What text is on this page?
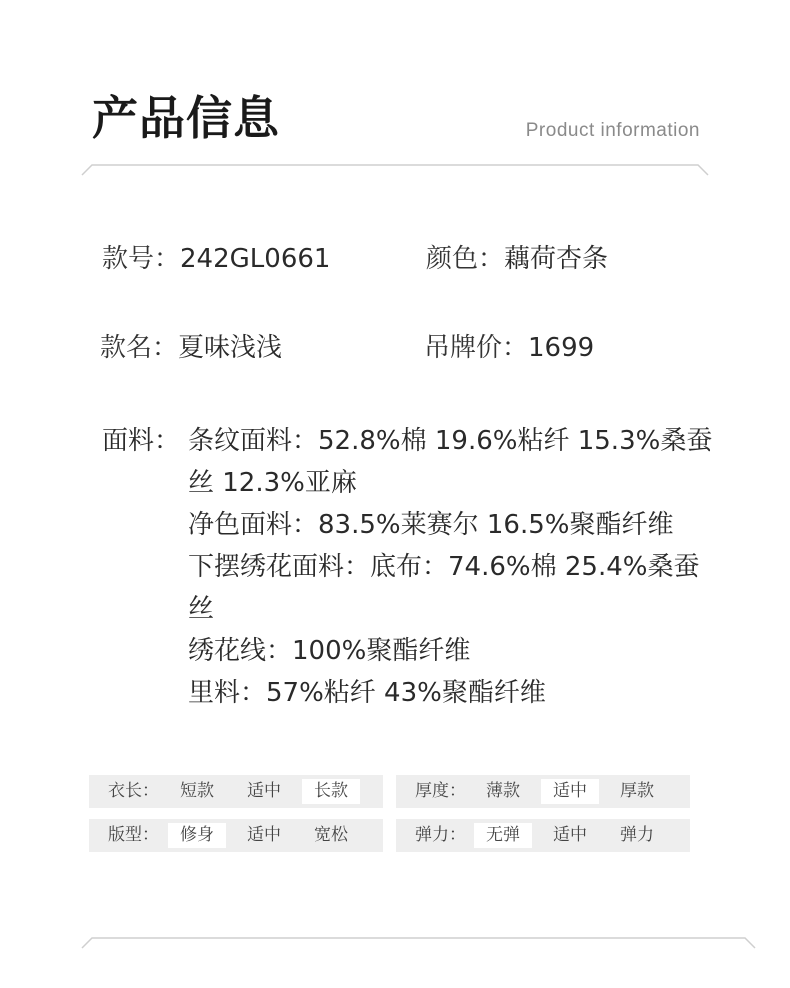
产品信息	Product information
款号：242GL0661	颜色：藕荷杏条
款名：夏味浅浅	吊牌价：1699
面料： 条纹面料：52.8%棉 19.6%粘纤 15.3%桑蚕
丝 12.3%亚麻
净色面料：83.5%莱赛尔 16.5%聚酯纤维
下摆绣花面料：底布：74.6%棉 25.4%桑蚕
丝
绣花线：100%聚酯纤维
里料：57%粘纤 43%聚酯纤维
衣长：	短款	适中	长款	厚度：	薄款	适中	厚款
版型：	修身	适中	宽松	弹力：	无弹	适中	弹力
